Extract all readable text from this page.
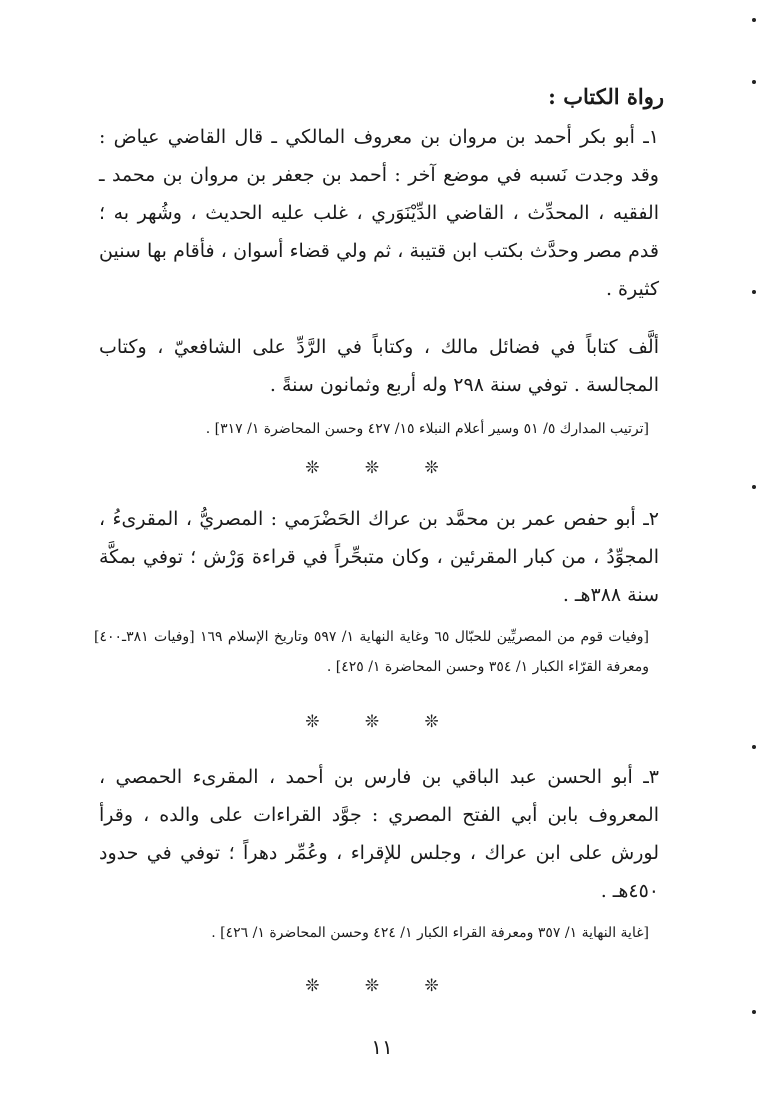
رواة الكتاب :
١ـ أبو بكر أحمد بن مروان بن معروف المالكي ـ قال القاضي عياض : وقد وجدت نَسبه في موضع آخر : أحمد بن جعفر بن مروان بن محمد ـ الفقيه ، المحدِّث ، القاضي الدِّيْنَوَري ، غلب عليه الحديث ، وشُهر به ؛ قدم مصر وحدَّث بكتب ابن قتيبة ، ثم ولي قضاء أسوان ، فأقام بها سنين كثيرة .
ألَّف كتاباً في فضائل مالك ، وكتاباً في الرَّدِّ على الشافعيّ ، وكتاب المجالسة . توفي سنة ٢٩٨ وله أربع وثمانون سنةً .
[ترتيب المدارك ٥/ ٥١ وسير أعلام النبلاء ١٥/ ٤٢٧ وحسن المحاضرة ١/ ٣١٧] .
❊ ❊ ❊
٢ـ أبو حفص عمر بن محمَّد بن عراك الحَضْرَمي : المصريُّ ، المقرىءُ ، المجوِّدُ ، من كبار المقرئين ، وكان متبحِّراً في قراءة وَرْش ؛ توفي بمكَّة سنة ٣٨٨هـ .
[وفيات قوم من المصريِّين للحبّال ٦٥ وغاية النهاية ١/ ٥٩٧ وتاريخ الإسلام ١٦٩ [وفيات ٣٨١ـ٤٠٠] ومعرفة القرّاء الكبار ١/ ٣٥٤ وحسن المحاضرة ١/ ٤٢٥] .
❊ ❊ ❊
٣ـ أبو الحسن عبد الباقي بن فارس بن أحمد ، المقرىء الحمصي ، المعروف بابن أبي الفتح المصري : جوَّد القراءات على والده ، وقرأ لورش على ابن عراك ، وجلس للإقراء ، وعُمِّر دهراً ؛ توفي في حدود ٤٥٠هـ .
[غاية النهاية ١/ ٣٥٧ ومعرفة القراء الكبار ١/ ٤٢٤ وحسن المحاضرة ١/ ٤٢٦] .
❊ ❊ ❊
١١
